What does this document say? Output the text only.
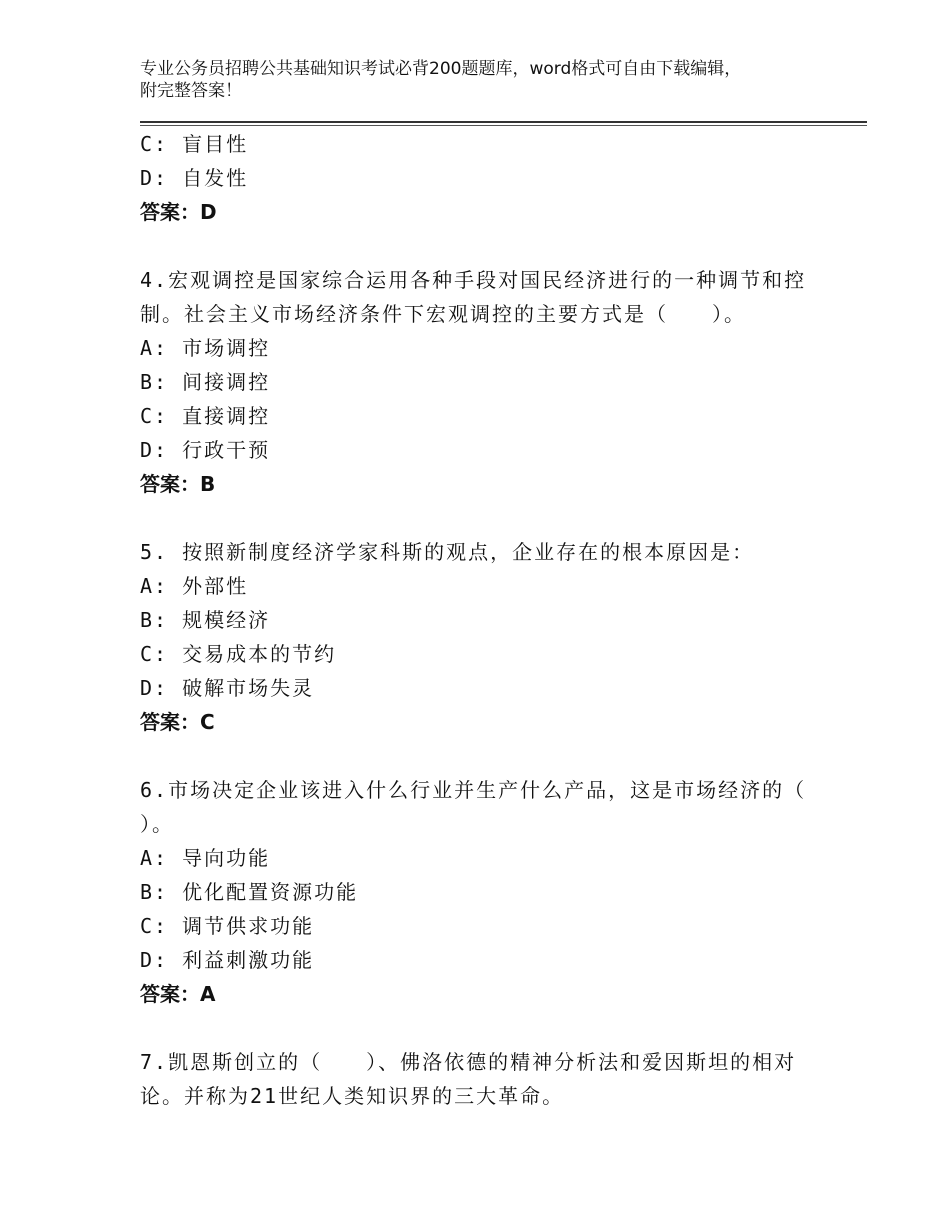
专业公务员招聘公共基础知识考试必背200题题库，word格式可自由下载编辑，
附完整答案！
C: 盲目性
D: 自发性
答案：D
4.宏观调控是国家综合运用各种手段对国民经济进行的一种调节和控
制。社会主义市场经济条件下宏观调控的主要方式是（　　）。
A: 市场调控
B: 间接调控
C: 直接调控
D: 行政干预
答案：B
5. 按照新制度经济学家科斯的观点，企业存在的根本原因是：
A: 外部性
B: 规模经济
C: 交易成本的节约
D: 破解市场失灵
答案：C
6.市场决定企业该进入什么行业并生产什么产品，这是市场经济的（
）。
A: 导向功能
B: 优化配置资源功能
C: 调节供求功能
D: 利益刺激功能
答案：A
7.凯恩斯创立的（　　）、佛洛依德的精神分析法和爱因斯坦的相对
论。并称为21世纪人类知识界的三大革命。
